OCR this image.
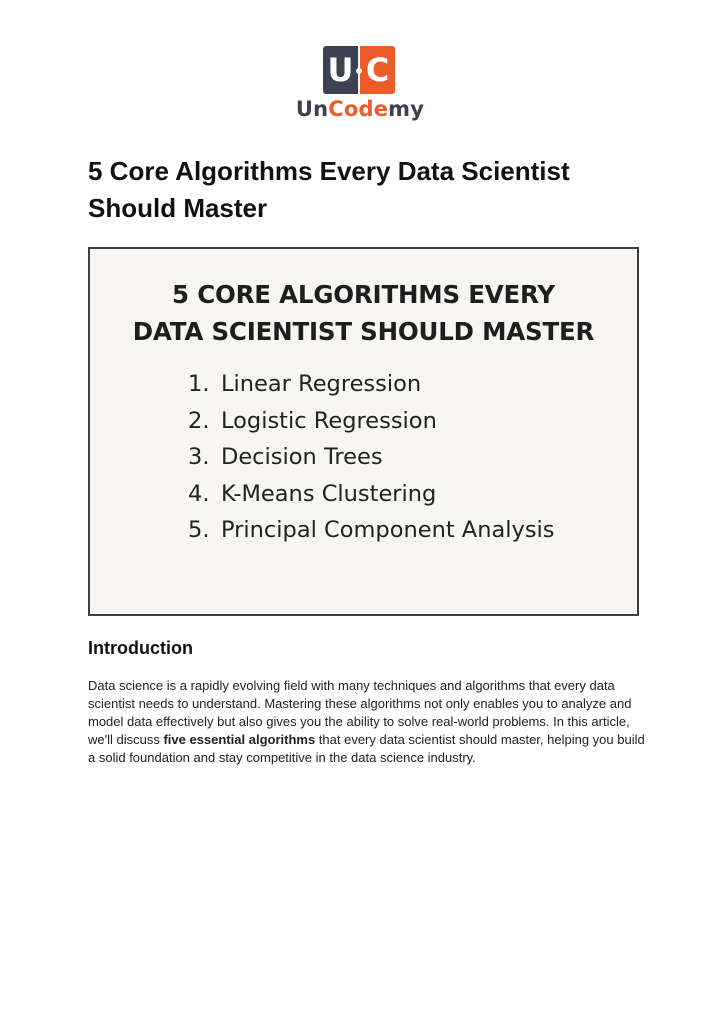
U C
UnCodemy
5 Core Algorithms Every Data Scientist Should Master
5 CORE ALGORITHMS EVERY
DATA SCIENTIST SHOULD MASTER
1. Linear Regression
2. Logistic Regression
3. Decision Trees
4. K-Means Clustering
5. Principal Component Analysis
Introduction

Data science is a rapidly evolving field with many techniques and algorithms that every data scientist needs to understand. Mastering these algorithms not only enables you to analyze and model data effectively but also gives you the ability to solve real-world problems. In this article, we'll discuss five essential algorithms that every data scientist should master, helping you build a solid foundation and stay competitive in the data science industry.
